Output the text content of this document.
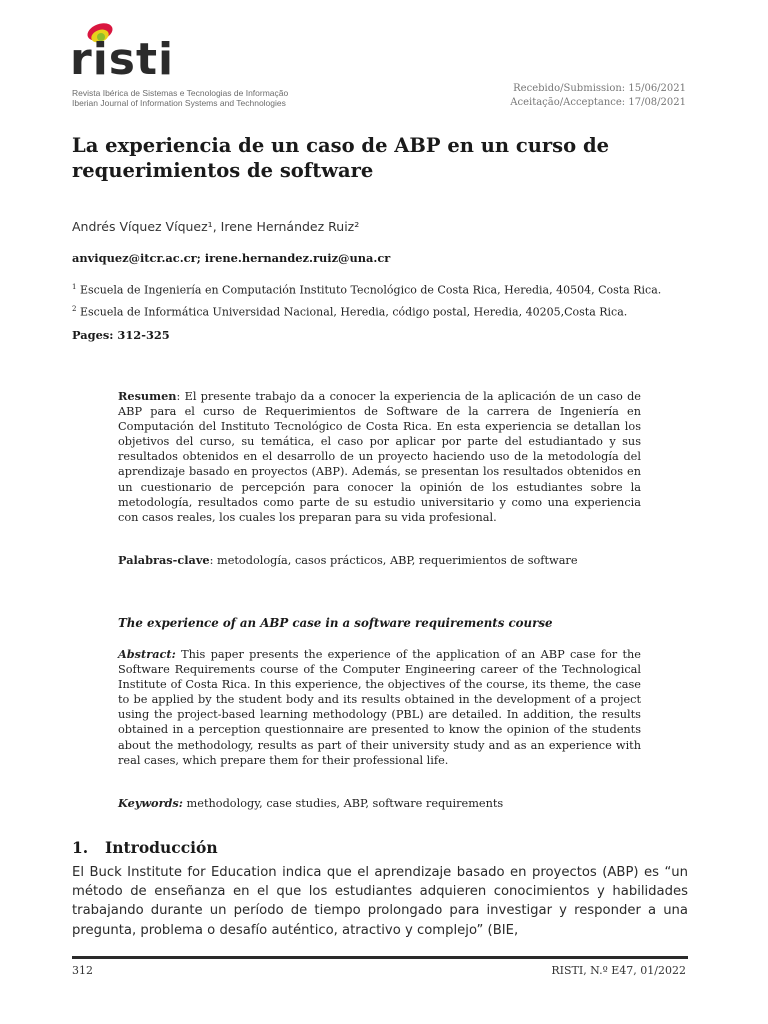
risti
Revista Ibérica de Sistemas e Tecnologias de Informação
Iberian Journal of Information Systems and Technologies
Recebido/Submission: 15/06/2021
Aceitação/Acceptance: 17/08/2021
La experiencia de un caso de ABP en un curso de requerimientos de software
Andrés Víquez Víquez¹, Irene Hernández Ruiz²
anviquez@itcr.ac.cr; irene.hernandez.ruiz@una.cr
$^1$ Escuela de Ingeniería en Computación Instituto Tecnológico de Costa Rica, Heredia, 40504, Costa Rica.
$^2$ Escuela de Informática Universidad Nacional, Heredia, código postal, Heredia, 40205,Costa Rica.
Pages: 312-325
Resumen: El presente trabajo da a conocer la experiencia de la aplicación de un caso de ABP para el curso de Requerimientos de Software de la carrera de Ingeniería en Computación del Instituto Tecnológico de Costa Rica. En esta experiencia se detallan los objetivos del curso, su temática, el caso por aplicar por parte del estudiantado y sus resultados obtenidos en el desarrollo de un proyecto haciendo uso de la metodología del aprendizaje basado en proyectos (ABP). Además, se presentan los resultados obtenidos en un cuestionario de percepción para conocer la opinión de los estudiantes sobre la metodología, resultados como parte de su estudio universitario y como una experiencia con casos reales, los cuales los preparan para su vida profesional.
Palabras-clave: metodología, casos prácticos, ABP, requerimientos de software
The experience of an ABP case in a software requirements course
Abstract: This paper presents the experience of the application of an ABP case for the Software Requirements course of the Computer Engineering career of the Technological Institute of Costa Rica. In this experience, the objectives of the course, its theme, the case to be applied by the student body and its results obtained in the development of a project using the project-based learning methodology (PBL) are detailed. In addition, the results obtained in a perception questionnaire are presented to know the opinion of the students about the methodology, results as part of their university study and as an experience with real cases, which prepare them for their professional life.
Keywords: methodology, case studies, ABP, software requirements
1. Introducción
El Buck Institute for Education indica que el aprendizaje basado en proyectos (ABP) es “un método de enseñanza en el que los estudiantes adquieren conocimientos y habilidades trabajando durante un período de tiempo prolongado para investigar y responder a una pregunta, problema o desafío auténtico, atractivo y complejo” (BIE,
312	RISTI, N.º E47, 01/2022
